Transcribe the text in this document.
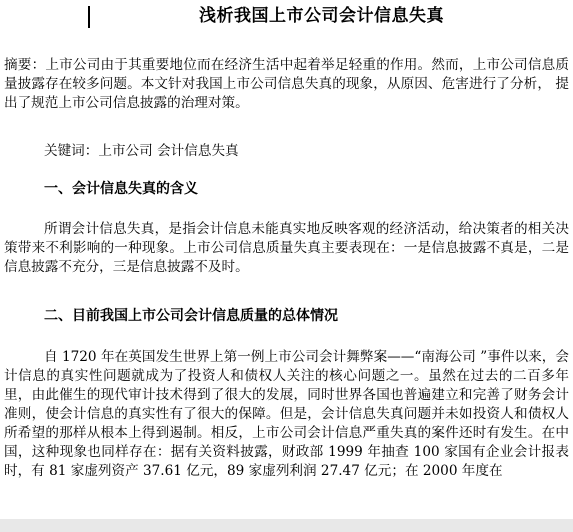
浅析我国上市公司会计信息失真
摘要：上市公司由于其重要地位而在经济生活中起着举足轻重的作用。然而，上市公司信息质量披露存在较多问题。本文针对我国上市公司信息失真的现象，从原因、危害进行了分析， 提出了规范上市公司信息披露的治理对策。
关键词：上市公司 会计信息失真
一、会计信息失真的含义
所谓会计信息失真，是指会计信息未能真实地反映客观的经济活动，给决策者的相关决策带来不利影响的一种现象。上市公司信息质量失真主要表现在：一是信息披露不真是，二是信息披露不充分，三是信息披露不及时。
二、目前我国上市公司会计信息质量的总体情况
自 1720 年在英国发生世界上第一例上市公司会计舞弊案——“南海公司 ”事件以来，会计信息的真实性问题就成为了投资人和债权人关注的核心问题之一。虽然在过去的二百多年里，由此催生的现代审计技术得到了很大的发展，同时世界各国也普遍建立和完善了财务会计准则，使会计信息的真实性有了很大的保障。但是，会计信息失真问题并未如投资人和债权人所希望的那样从根本上得到遏制。相反，上市公司会计信息严重失真的案件还时有发生。在中国，这种现象也同样存在：据有关资料披露，财政部 1999 年抽查 100 家国有企业会计报表时，有 81 家虚列资产 37.61 亿元，89 家虚列利润 27.47 亿元；在 2000 年度在
